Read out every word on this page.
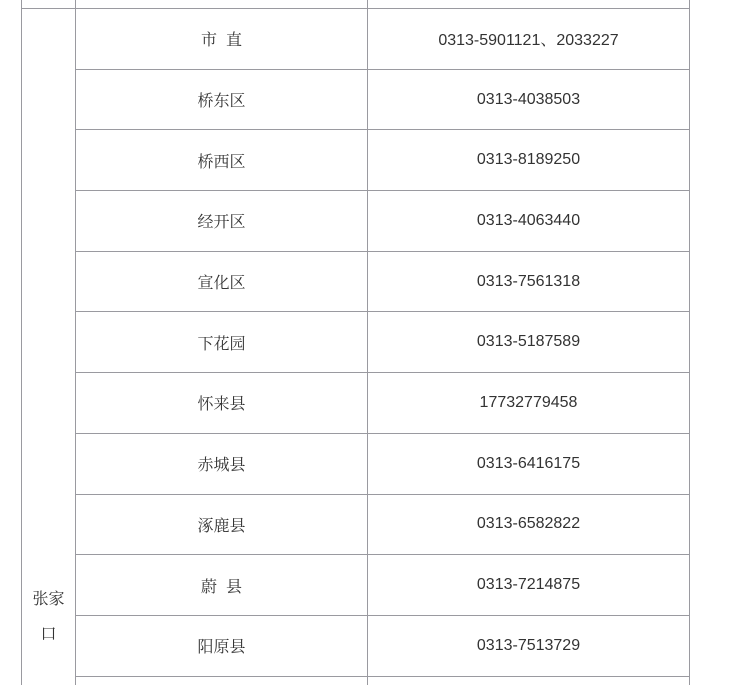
张家口
市  直	0313-5901121、2033227
桥东区	0313-4038503
桥西区	0313-8189250
经开区	0313-4063440
宣化区	0313-7561318
下花园	0313-5187589
怀来县	17732779458
赤城县	0313-6416175
涿鹿县	0313-6582822
蔚  县	0313-7214875
阳原县	0313-7513729
